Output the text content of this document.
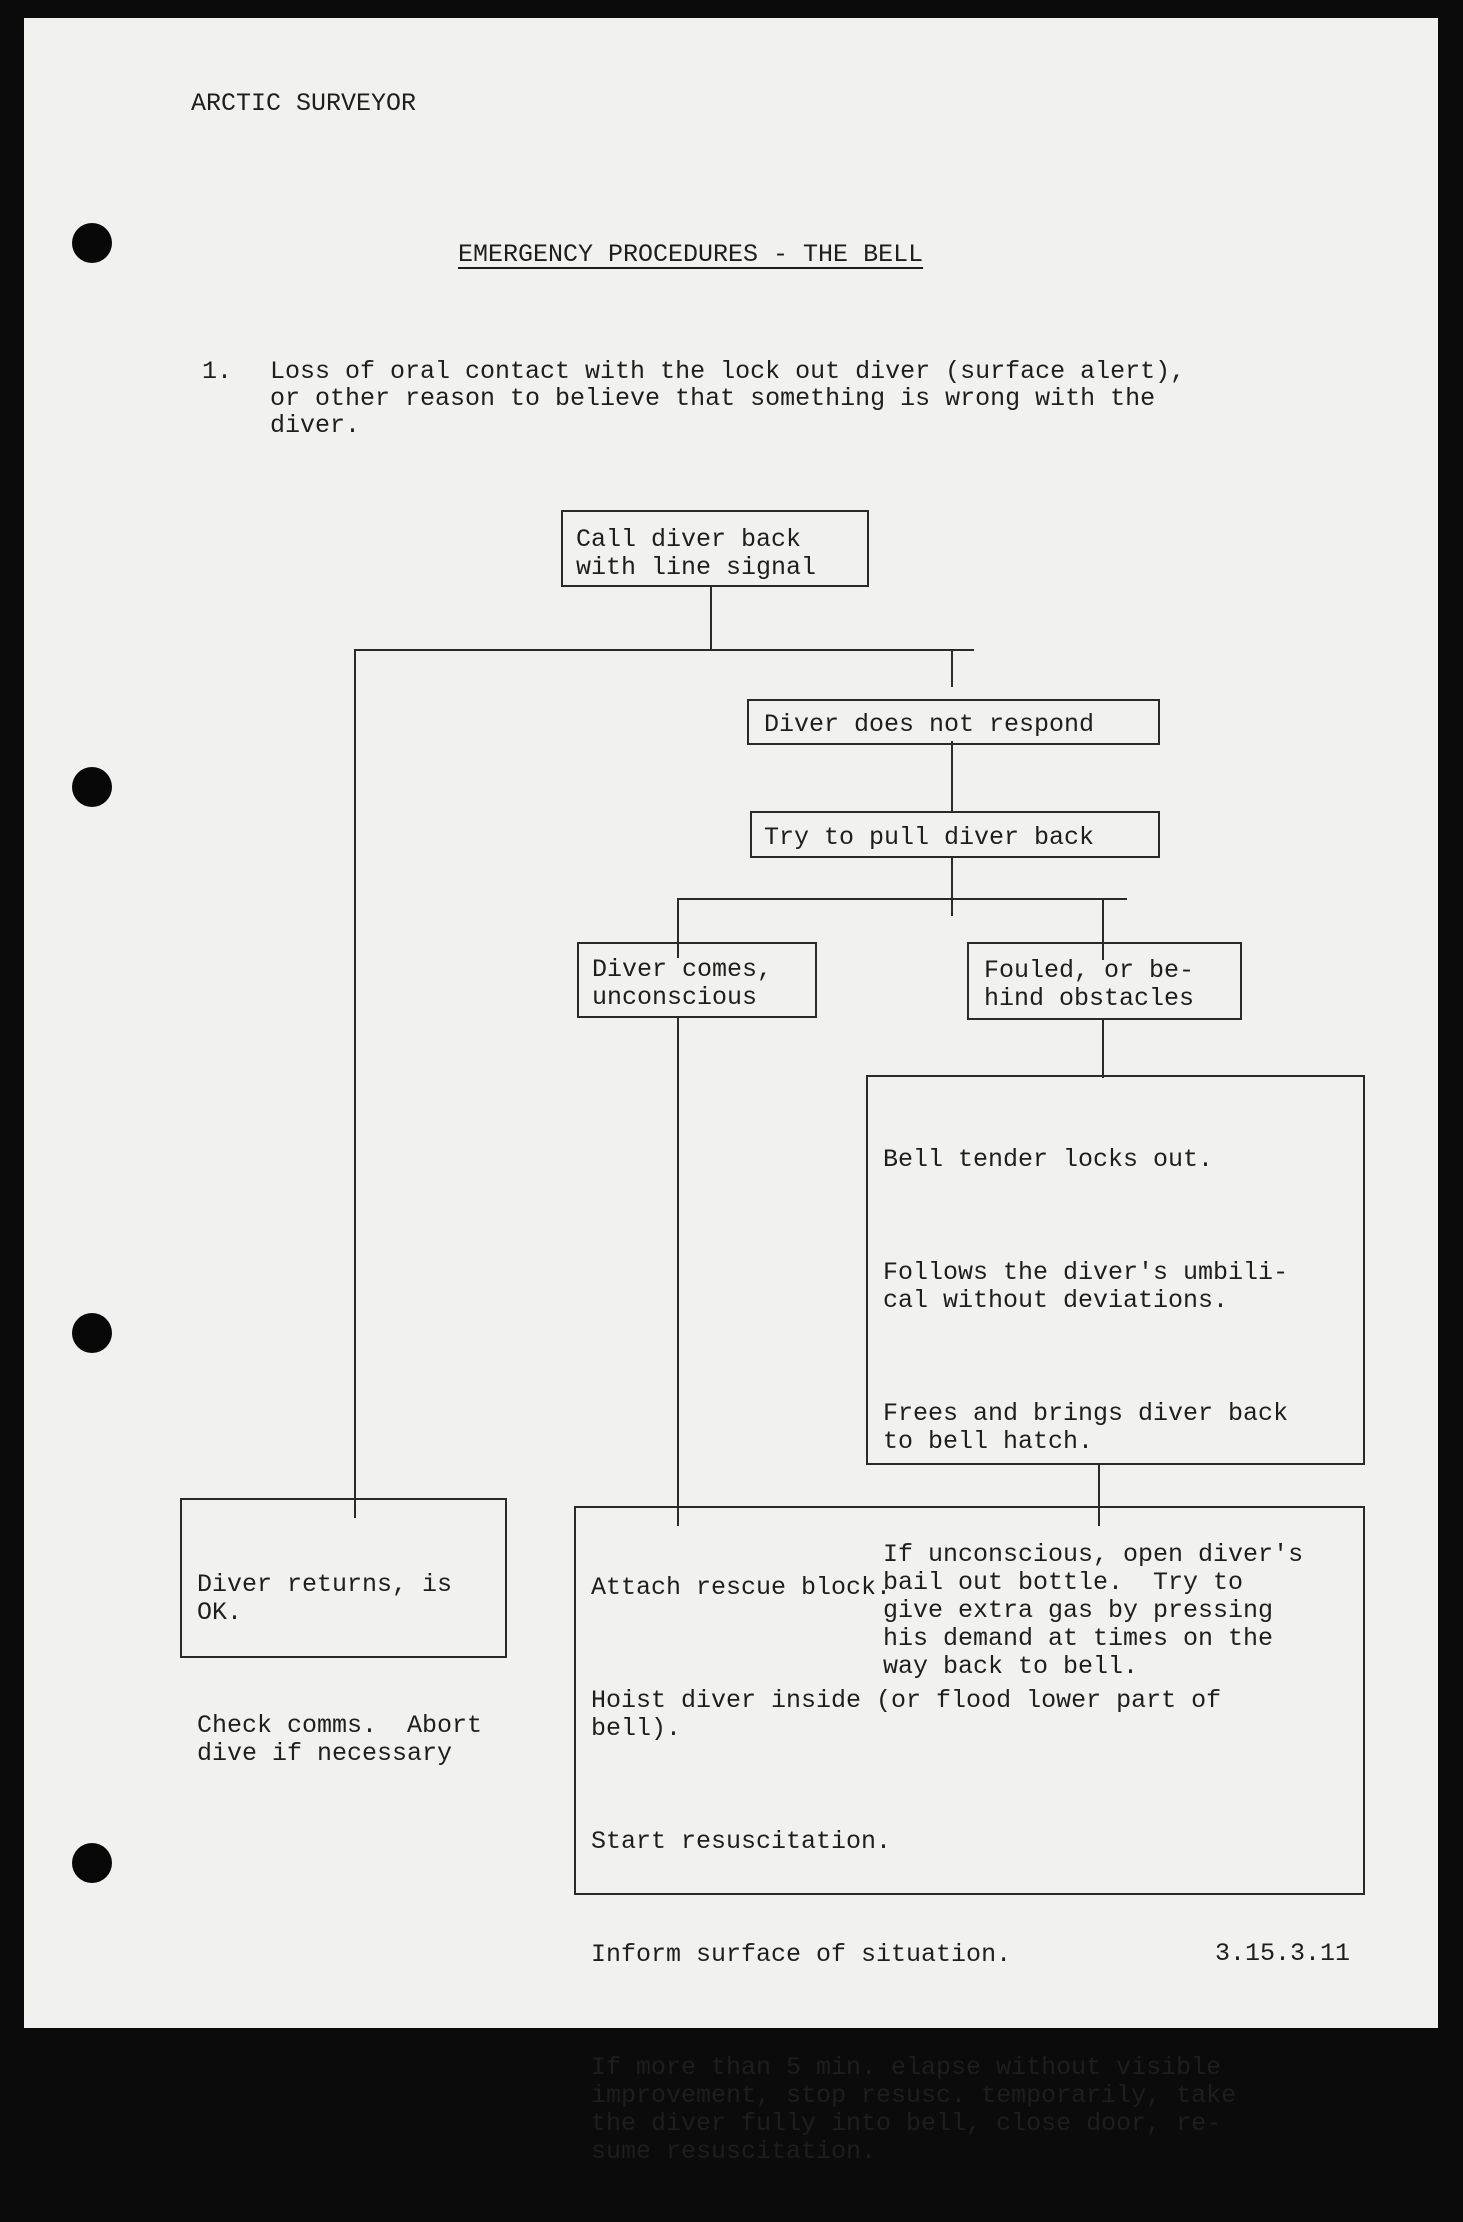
ARCTIC SURVEYOR
EMERGENCY PROCEDURES - THE BELL
1. Loss of oral contact with the lock out diver (surface alert),
or other reason to believe that something is wrong with the
diver.
Call diver back
with line signal
Diver does not respond
Try to pull diver back
Diver comes,
unconscious
Fouled, or be-
hind obstacles

Bell tender locks out.

Follows the diver's umbili-
cal without deviations.

Frees and brings diver back
to bell hatch.

If unconscious, open diver's
bail out bottle.  Try to
give extra gas by pressing
his demand at times on the
way back to bell.

Diver returns, is
OK.

Check comms.  Abort
dive if necessary

Attach rescue block.

Hoist diver inside (or flood lower part of
bell).

Start resuscitation.

Inform surface of situation.

If more than 5 min. elapse without visible
improvement, stop resusc. temporarily, take
the diver fully into bell, close door, re-
sume resuscitation.

3.15.3.11
